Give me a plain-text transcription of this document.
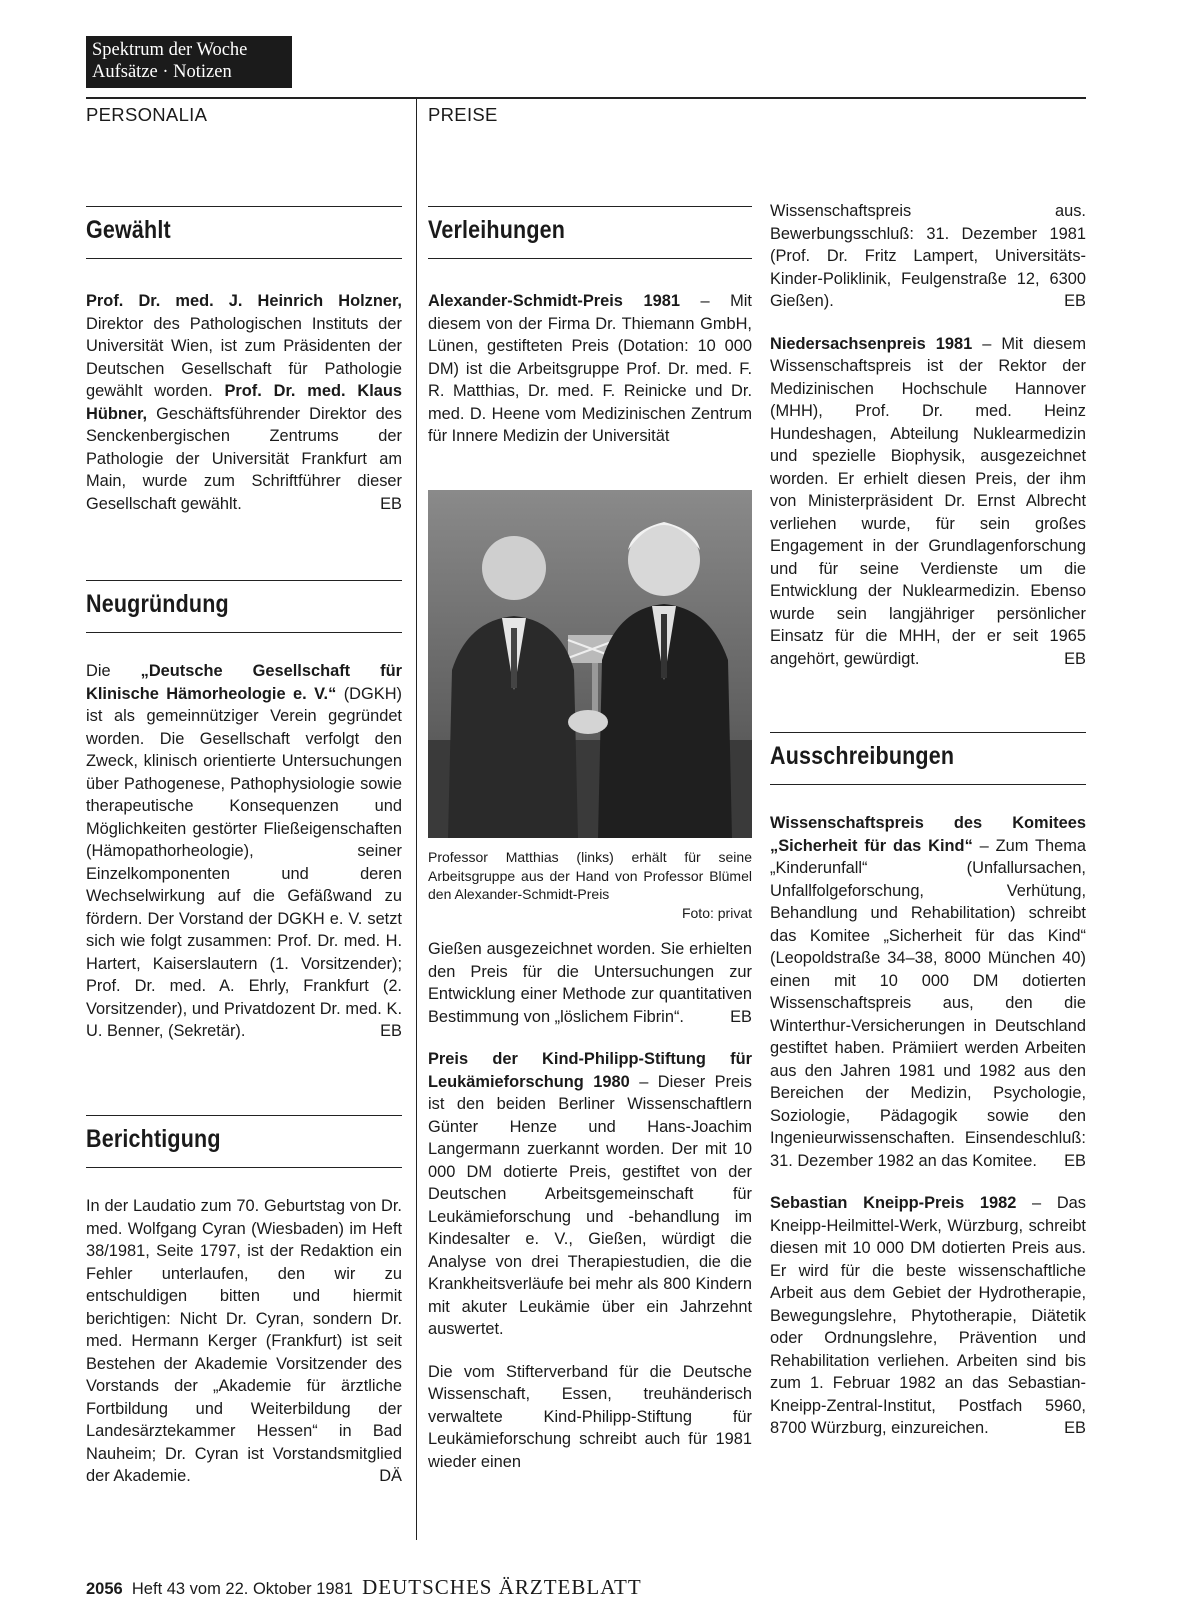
Spektrum der Woche
Aufsätze · Notizen
PERSONALIA	PREISE
Gewählt

Prof. Dr. med. J. Heinrich Holzner, Direktor des Pathologischen Instituts der Universität Wien, ist zum Präsidenten der Deutschen Gesellschaft für Pathologie gewählt worden. Prof. Dr. med. Klaus Hübner, Geschäftsführender Direktor des Senckenbergischen Zentrums der Pathologie der Universität Frankfurt am Main, wurde zum Schriftführer dieser Gesellschaft gewählt.	EB

Neugründung

Die „Deutsche Gesellschaft für Klinische Hämorheologie e. V.“ (DGKH) ist als gemeinnütziger Verein gegründet worden. Die Gesellschaft verfolgt den Zweck, klinisch orientierte Untersuchungen über Pathogenese, Pathophysiologie sowie therapeutische Konsequenzen und Möglichkeiten gestörter Fließeigenschaften (Hämopathorheologie), seiner Einzelkomponenten und deren Wechselwirkung auf die Gefäßwand zu fördern. Der Vorstand der DGKH e. V. setzt sich wie folgt zusammen: Prof. Dr. med. H. Hartert, Kaiserslautern (1. Vorsitzender); Prof. Dr. med. A. Ehrly, Frankfurt (2. Vorsitzender), und Privatdozent Dr. med. K. U. Benner, (Sekretär).	EB

Berichtigung

In der Laudatio zum 70. Geburtstag von Dr. med. Wolfgang Cyran (Wiesbaden) im Heft 38/1981, Seite 1797, ist der Redaktion ein Fehler unterlaufen, den wir zu entschuldigen bitten und hiermit berichtigen: Nicht Dr. Cyran, sondern Dr. med. Hermann Kerger (Frankfurt) ist seit Bestehen der Akademie Vorsitzender des Vorstands der „Akademie für ärztliche Fortbildung und Weiterbildung der Landesärztekammer Hessen“ in Bad Nauheim; Dr. Cyran ist Vorstandsmitglied der Akademie.	DÄ

Verleihungen

Alexander-Schmidt-Preis 1981 – Mit diesem von der Firma Dr. Thiemann GmbH, Lünen, gestifteten Preis (Dotation: 10 000 DM) ist die Arbeitsgruppe Prof. Dr. med. F. R. Matthias, Dr. med. F. Reinicke und Dr. med. D. Heene vom Medizinischen Zentrum für Innere Medizin der Universität

Professor Matthias (links) erhält für seine Arbeitsgruppe aus der Hand von Professor Blümel den Alexander-Schmidt-Preis
Foto: privat

Gießen ausgezeichnet worden. Sie erhielten den Preis für die Untersuchungen zur Entwicklung einer Methode zur quantitativen Bestimmung von „löslichem Fibrin“.	EB

Preis der Kind-Philipp-Stiftung für Leukämieforschung 1980 – Dieser Preis ist den beiden Berliner Wissenschaftlern Günter Henze und Hans-Joachim Langermann zuerkannt worden. Der mit 10 000 DM dotierte Preis, gestiftet von der Deutschen Arbeitsgemeinschaft für Leukämieforschung und -behandlung im Kindesalter e. V., Gießen, würdigt die Analyse von drei Therapiestudien, die die Krankheitsverläufe bei mehr als 800 Kindern mit akuter Leukämie über ein Jahrzehnt auswertet.

Die vom Stifterverband für die Deutsche Wissenschaft, Essen, treuhänderisch verwaltete Kind-Philipp-Stiftung für Leukämieforschung schreibt auch für 1981 wieder einen

Wissenschaftspreis aus. Bewerbungsschluß: 31. Dezember 1981 (Prof. Dr. Fritz Lampert, Universitäts-Kinder-Poliklinik, Feulgenstraße 12, 6300 Gießen).	EB

Niedersachsenpreis 1981 – Mit diesem Wissenschaftspreis ist der Rektor der Medizinischen Hochschule Hannover (MHH), Prof. Dr. med. Heinz Hundeshagen, Abteilung Nuklearmedizin und spezielle Biophysik, ausgezeichnet worden. Er erhielt diesen Preis, der ihm von Ministerpräsident Dr. Ernst Albrecht verliehen wurde, für sein großes Engagement in der Grundlagenforschung und für seine Verdienste um die Entwicklung der Nuklearmedizin. Ebenso wurde sein langjähriger persönlicher Einsatz für die MHH, der er seit 1965 angehört, gewürdigt.	EB

Ausschreibungen

Wissenschaftspreis des Komitees „Sicherheit für das Kind“ – Zum Thema „Kinderunfall“ (Unfallursachen, Unfallfolgeforschung, Verhütung, Behandlung und Rehabilitation) schreibt das Komitee „Sicherheit für das Kind“ (Leopoldstraße 34–38, 8000 München 40) einen mit 10 000 DM dotierten Wissenschaftspreis aus, den die Winterthur-Versicherungen in Deutschland gestiftet haben. Prämiiert werden Arbeiten aus den Jahren 1981 und 1982 aus den Bereichen der Medizin, Psychologie, Soziologie, Pädagogik sowie den Ingenieurwissenschaften. Einsendeschluß: 31. Dezember 1982 an das Komitee. EB

Sebastian Kneipp-Preis 1982 – Das Kneipp-Heilmittel-Werk, Würzburg, schreibt diesen mit 10 000 DM dotierten Preis aus. Er wird für die beste wissenschaftliche Arbeit aus dem Gebiet der Hydrotherapie, Bewegungslehre, Phytotherapie, Diätetik oder Ordnungslehre, Prävention und Rehabilitation verliehen. Arbeiten sind bis zum 1. Februar 1982 an das Sebastian-Kneipp-Zentral-Institut, Postfach 5960, 8700 Würzburg, einzureichen.	EB

2056 Heft 43 vom 22. Oktober 1981 DEUTSCHES ÄRZTEBLATT
